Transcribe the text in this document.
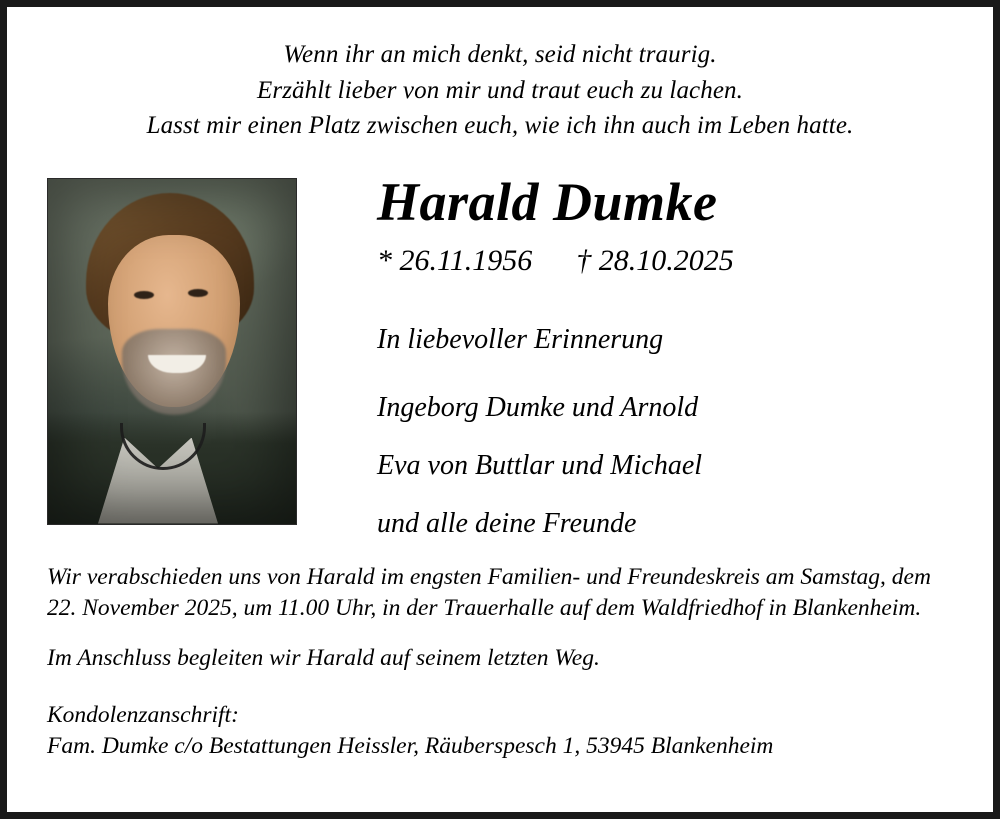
Wenn ihr an mich denkt, seid nicht traurig.
Erzählt lieber von mir und traut euch zu lachen.
Lasst mir einen Platz zwischen euch, wie ich ihn auch im Leben hatte.
Harald Dumke
* 26.11.1956 † 28.10.2025
In liebevoller Erinnerung
Ingeborg Dumke und Arnold
Eva von Buttlar und Michael
und alle deine Freunde

Wir verabschieden uns von Harald im engsten Familien- und Freundeskreis am Samstag, dem 22. November 2025, um 11.00 Uhr, in der Trauerhalle auf dem Waldfriedhof in Blankenheim.

Im Anschluss begleiten wir Harald auf seinem letzten Weg.

Kondolenzanschrift:

Fam. Dumke c/o Bestattungen Heissler, Räuberspesch 1, 53945 Blankenheim
